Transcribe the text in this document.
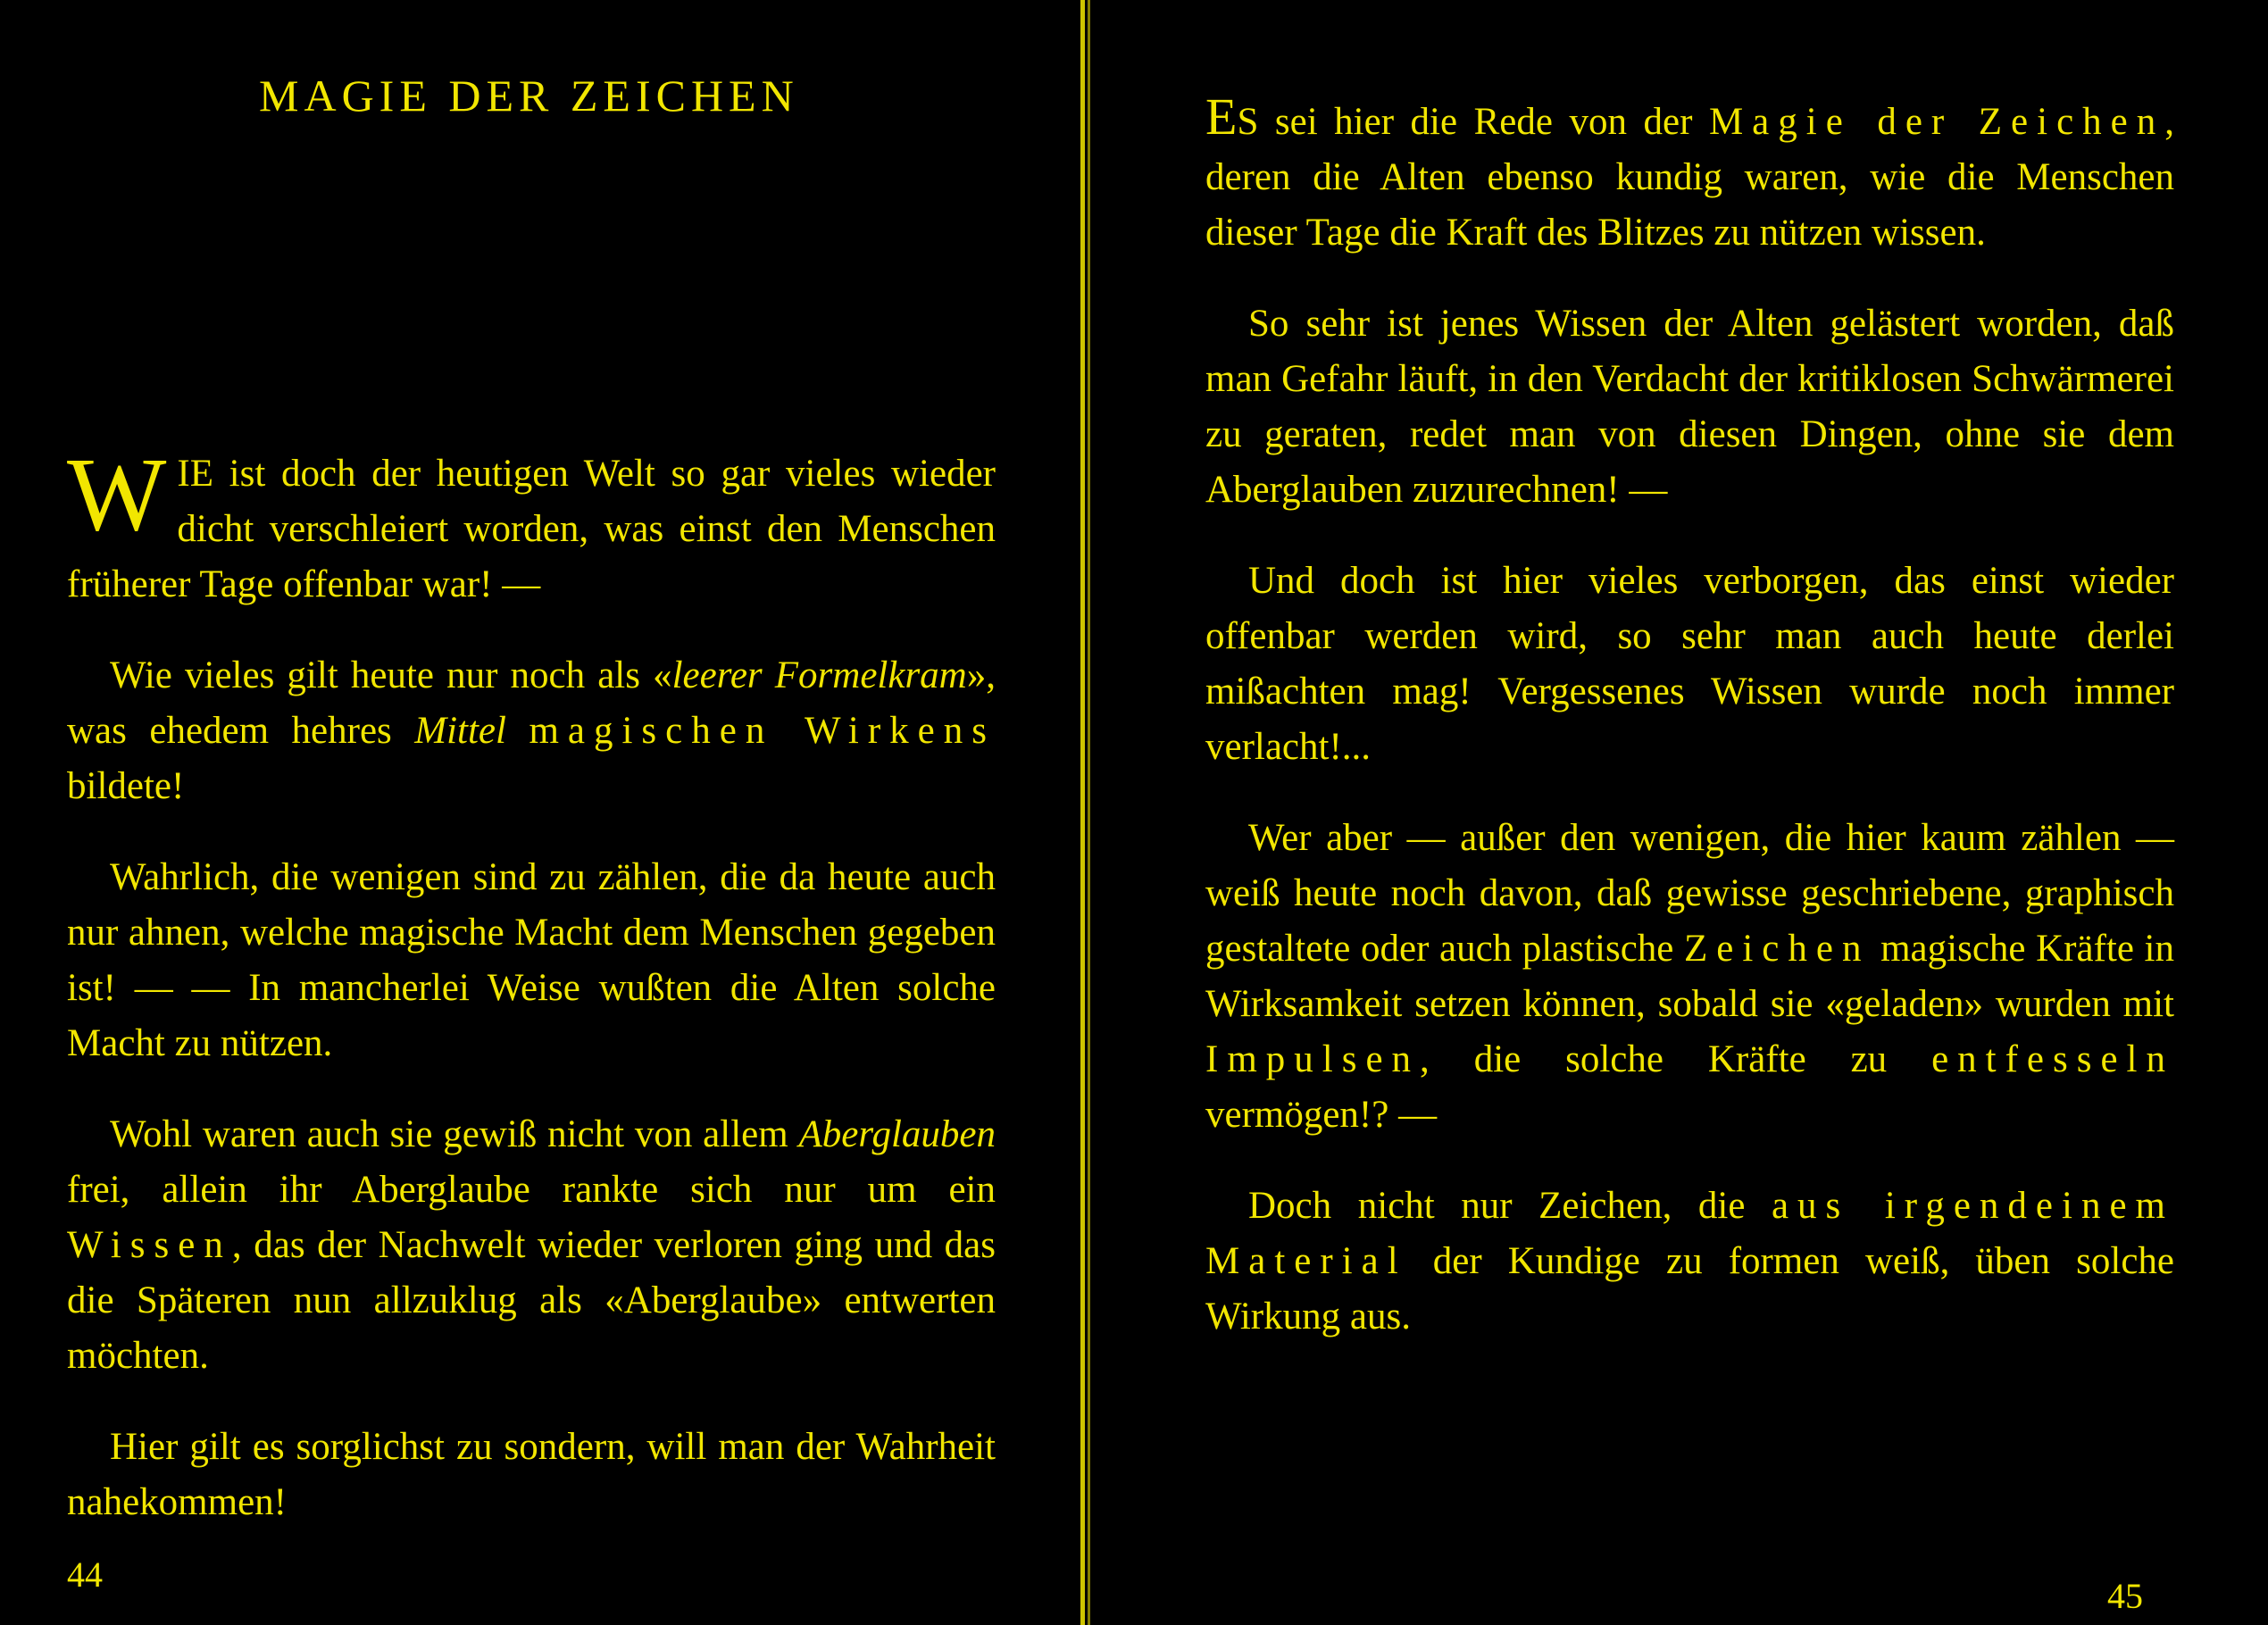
MAGIE DER ZEICHEN

WIE ist doch der heutigen Welt so gar vieles wieder dicht verschleiert worden, was einst den Menschen früherer Tage offenbar war! —

Wie vieles gilt heute nur noch als «leerer Formelkram», was ehedem hehres Mittel magischen Wirkens bildete!

Wahrlich, die wenigen sind zu zählen, die da heute auch nur ahnen, welche magische Macht dem Menschen gegeben ist! — — In mancherlei Weise wußten die Alten solche Macht zu nützen.

Wohl waren auch sie gewiß nicht von allem Aberglauben frei, allein ihr Aberglaube rankte sich nur um ein Wissen, das der Nachwelt wieder verloren ging und das die Späteren nun allzuklug als «Aberglaube» entwerten möchten.

Hier gilt es sorglichst zu sondern, will man der Wahrheit nahekommen!

44

ES sei hier die Rede von der Magie der Zeichen, deren die Alten ebenso kundig waren, wie die Menschen dieser Tage die Kraft des Blitzes zu nützen wissen.

So sehr ist jenes Wissen der Alten gelästert worden, daß man Gefahr läuft, in den Verdacht der kritiklosen Schwärmerei zu geraten, redet man von diesen Dingen, ohne sie dem Aberglauben zuzurechnen! —

Und doch ist hier vieles verborgen, das einst wieder offenbar werden wird, so sehr man auch heute derlei mißachten mag! Vergessenes Wissen wurde noch immer verlacht!...

Wer aber — außer den wenigen, die hier kaum zählen — weiß heute noch davon, daß gewisse geschriebene, graphisch gestaltete oder auch plastische Zeichen magische Kräfte in Wirksamkeit setzen können, sobald sie «geladen» wurden mit Impulsen, die solche Kräfte zu entfesseln vermögen!? —

Doch nicht nur Zeichen, die aus irgendeinem Material der Kundige zu formen weiß, üben solche Wirkung aus.

45
